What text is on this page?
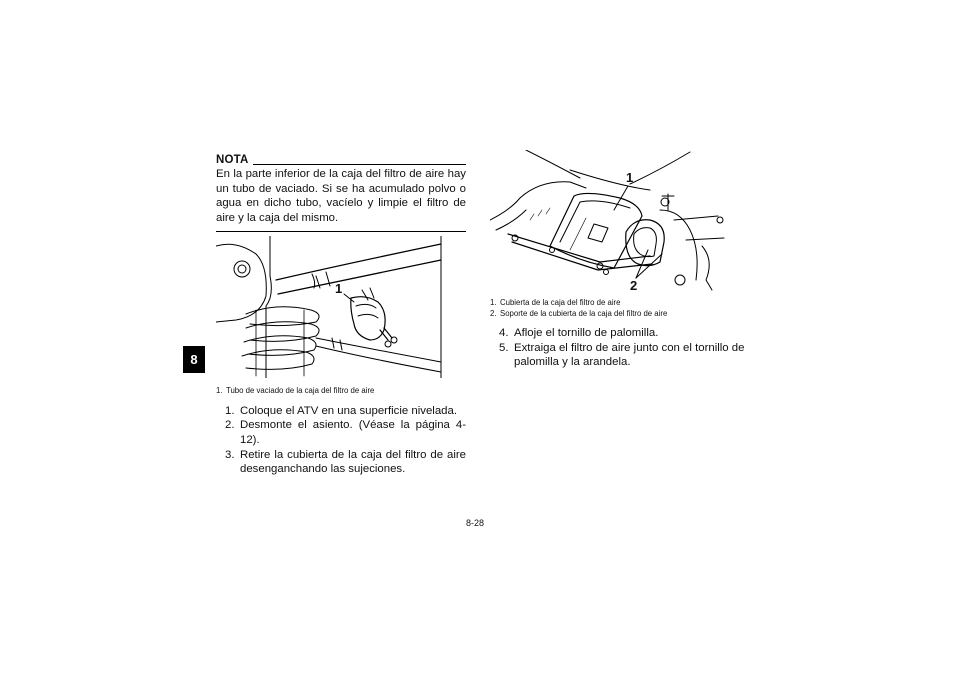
8
NOTA

En la parte inferior de la caja del filtro de aire hay un tubo de vaciado. Si se ha acumulado polvo o agua en dicho tubo, vacíelo y limpie el filtro de aire y la caja del mismo.

1
1. Tubo de vaciado de la caja del filtro de aire
1. Coloque el ATV en una superficie nivelada.
2. Desmonte el asiento. (Véase la página 4-12).
3. Retire la cubierta de la caja del filtro de aire desenganchando las sujeciones.
1
2
1. Cubierta de la caja del filtro de aire
2. Soporte de la cubierta de la caja del filtro de aire
4. Afloje el tornillo de palomilla.
5. Extraiga el filtro de aire junto con el tornillo de palomilla y la arandela.
8-28
